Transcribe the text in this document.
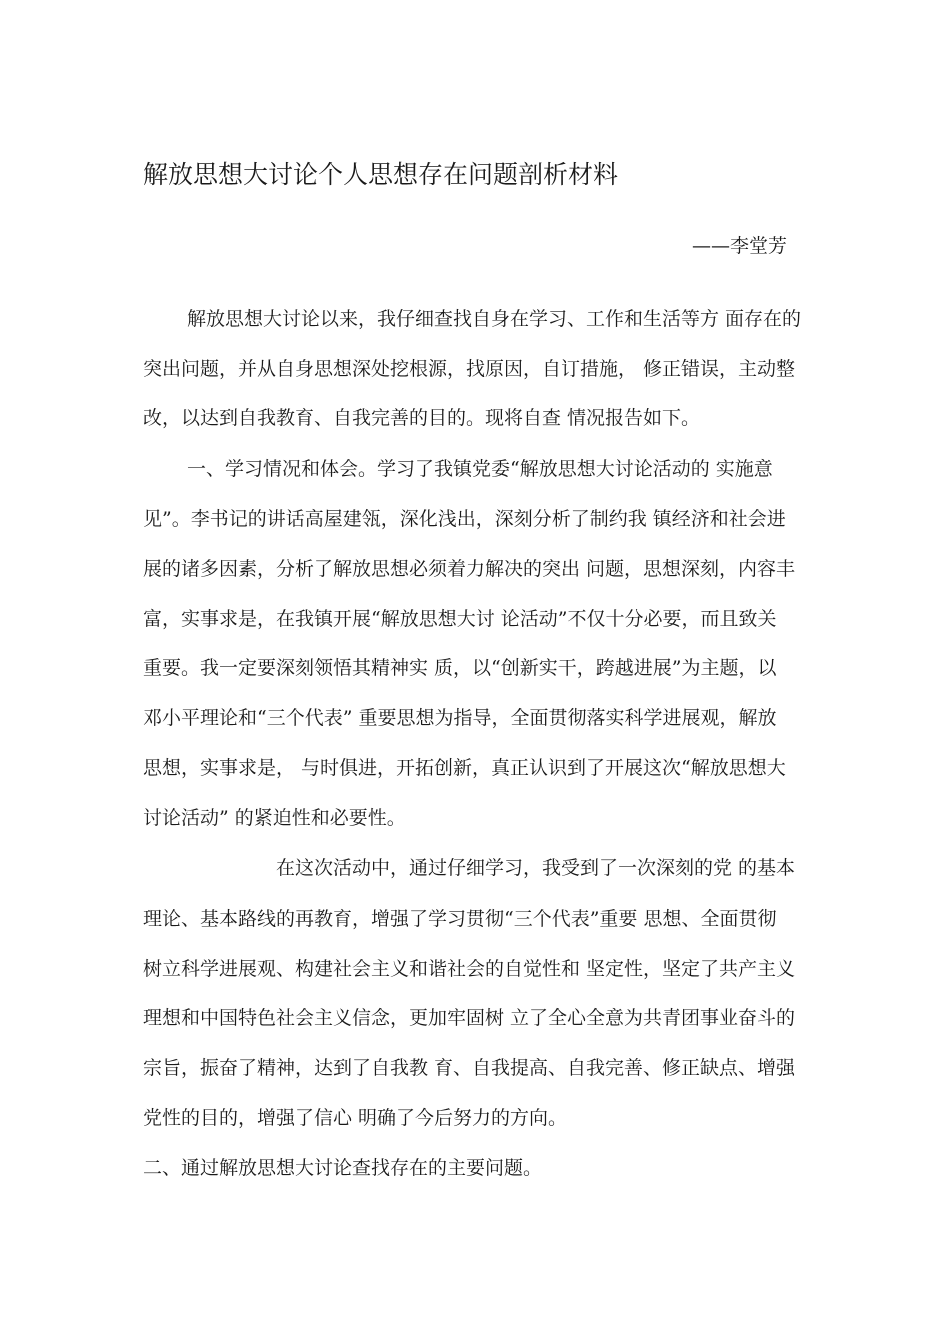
解放思想大讨论个人思想存在问题剖析材料
——李堂芳
解放思想大讨论以来，我仔细查找自身在学习、工作和生活等方 面存在的
突出问题，并从自身思想深处挖根源，找原因，自订措施， 修正错误，主动整
改，以达到自我教育、自我完善的目的。现将自查 情况报告如下。
一、学习情况和体会。学习了我镇党委“解放思想大讨论活动的 实施意
见”。李书记的讲话高屋建瓴，深化浅出，深刻分析了制约我 镇经济和社会进
展的诸多因素，分析了解放思想必须着力解决的突出 问题，思想深刻，内容丰
富，实事求是，在我镇开展“解放思想大讨 论活动”不仅十分必要，而且致关
重要。我一定要深刻领悟其精神实 质，以“创新实干，跨越进展”为主题，以
邓小平理论和“三个代表” 重要思想为指导，全面贯彻落实科学进展观，解放
思想，实事求是， 与时俱进，开拓创新，真正认识到了开展这次“解放思想大
讨论活动” 的紧迫性和必要性。
在这次活动中，通过仔细学习，我受到了一次深刻的党 的基本
理论、基本路线的再教育，增强了学习贯彻“三个代表”重要 思想、全面贯彻
树立科学进展观、构建社会主义和谐社会的自觉性和 坚定性，坚定了共产主义
理想和中国特色社会主义信念，更加牢固树 立了全心全意为共青团事业奋斗的
宗旨，振奋了精神，达到了自我教 育、自我提高、自我完善、修正缺点、增强
党性的目的，增强了信心 明确了今后努力的方向。
二、通过解放思想大讨论查找存在的主要问题。
